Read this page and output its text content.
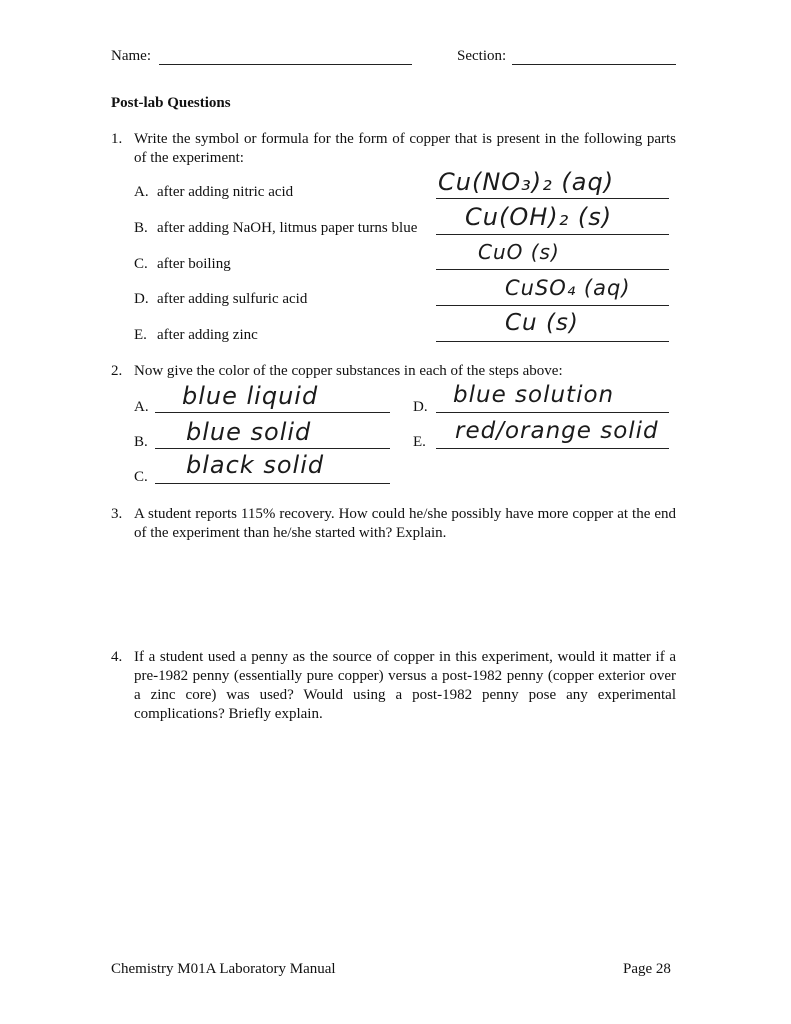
Name:	Section:
Post-lab Questions
1. Write the symbol or formula for the form of copper that is present in the following parts of the experiment:
A. after adding nitric acid	Cu(NO₃)₂ (aq)
B. after adding NaOH, litmus paper turns blue Cu(OH)₂ (s)
C. after boiling	CuO (s)
D. after adding sulfuric acid	CuSO₄ (aq)
E. after adding zinc	Cu (s)
2. Now give the color of the copper substances in each of the steps above:
A. blue liquid
B. blue solid
C. black solid
D. blue solution
E. red/orange solid
3. A student reports 115% recovery. How could he/she possibly have more copper at the end of the experiment than he/she started with? Explain.
4. If a student used a penny as the source of copper in this experiment, would it matter if a pre-1982 penny (essentially pure copper) versus a post-1982 penny (copper exterior over a zinc core) was used? Would using a post-1982 penny pose any experimental complications? Briefly explain.
Chemistry M01A Laboratory Manual	Page 28
